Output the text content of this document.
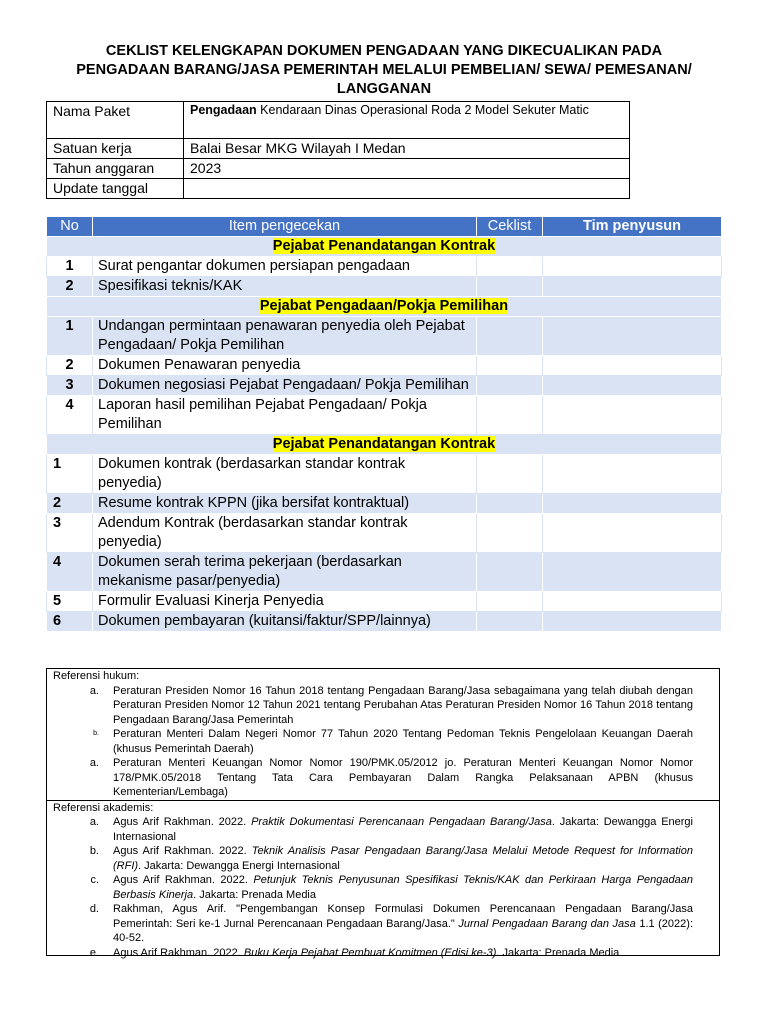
CEKLIST KELENGKAPAN DOKUMEN PENGADAAN YANG DIKECUALIKAN PADA
PENGADAAN BARANG/JASA PEMERINTAH MELALUI PEMBELIAN/ SEWA/ PEMESANAN/
LANGGANAN
Nama Paket	Pengadaan Kendaraan Dinas Operasional Roda 2 Model Sekuter Matic
Satuan kerja	Balai Besar MKG Wilayah I Medan
Tahun anggaran	2023
Update tanggal	
No	Item pengecekan	Ceklist	Tim penyusun
Pejabat Penandatangan Kontrak			
1	Surat pengantar dokumen persiapan pengadaan		
2	Spesifikasi teknis/KAK		
Pejabat Pengadaan/Pokja Pemilihan			
1	Undangan permintaan penawaran penyedia oleh Pejabat Pengadaan/ Pokja Pemilihan		
2	Dokumen Penawaran penyedia		
3	Dokumen negosiasi Pejabat Pengadaan/ Pokja Pemilihan		
4	Laporan hasil pemilihan Pejabat Pengadaan/ Pokja Pemilihan		
Pejabat Penandatangan Kontrak			
1	Dokumen kontrak (berdasarkan standar kontrak penyedia)		
2	Resume kontrak KPPN (jika bersifat kontraktual)		
3	Adendum Kontrak (berdasarkan standar kontrak penyedia)		
4	Dokumen serah terima pekerjaan (berdasarkan mekanisme pasar/penyedia)		
5	Formulir Evaluasi Kinerja Penyedia		
6	Dokumen pembayaran (kuitansi/faktur/SPP/lainnya)		
Referensi hukum:
a. Peraturan Presiden Nomor 16 Tahun 2018 tentang Pengadaan Barang/Jasa sebagaimana yang telah diubah dengan Peraturan Presiden Nomor 12 Tahun 2021 tentang Perubahan Atas Peraturan Presiden Nomor 16 Tahun 2018 tentang Pengadaan Barang/Jasa Pemerintah
b. Peraturan Menteri Dalam Negeri Nomor 77 Tahun 2020 Tentang Pedoman Teknis Pengelolaan Keuangan Daerah (khusus Pemerintah Daerah)
a. Peraturan Menteri Keuangan Nomor Nomor 190/PMK.05/2012 jo. Peraturan Menteri Keuangan Nomor Nomor 178/PMK.05/2018 Tentang Tata Cara Pembayaran Dalam Rangka Pelaksanaan APBN (khusus Kementerian/Lembaga)
Referensi akademis:
a. Agus Arif Rakhman. 2022. Praktik Dokumentasi Perencanaan Pengadaan Barang/Jasa. Jakarta: Dewangga Energi Internasional
b. Agus Arif Rakhman. 2022. Teknik Analisis Pasar Pengadaan Barang/Jasa Melalui Metode Request for Information (RFI). Jakarta: Dewangga Energi Internasional
c. Agus Arif Rakhman. 2022. Petunjuk Teknis Penyusunan Spesifikasi Teknis/KAK dan Perkiraan Harga Pengadaan Berbasis Kinerja. Jakarta: Prenada Media
d. Rakhman, Agus Arif. "Pengembangan Konsep Formulasi Dokumen Perencanaan Pengadaan Barang/Jasa Pemerintah: Seri ke-1 Jurnal Perencanaan Pengadaan Barang/Jasa." Jurnal Pengadaan Barang dan Jasa 1.1 (2022): 40-52.
e. Agus Arif Rakhman. 2022. Buku Kerja Pejabat Pembuat Komitmen (Edisi ke-3). Jakarta: Prenada Media
